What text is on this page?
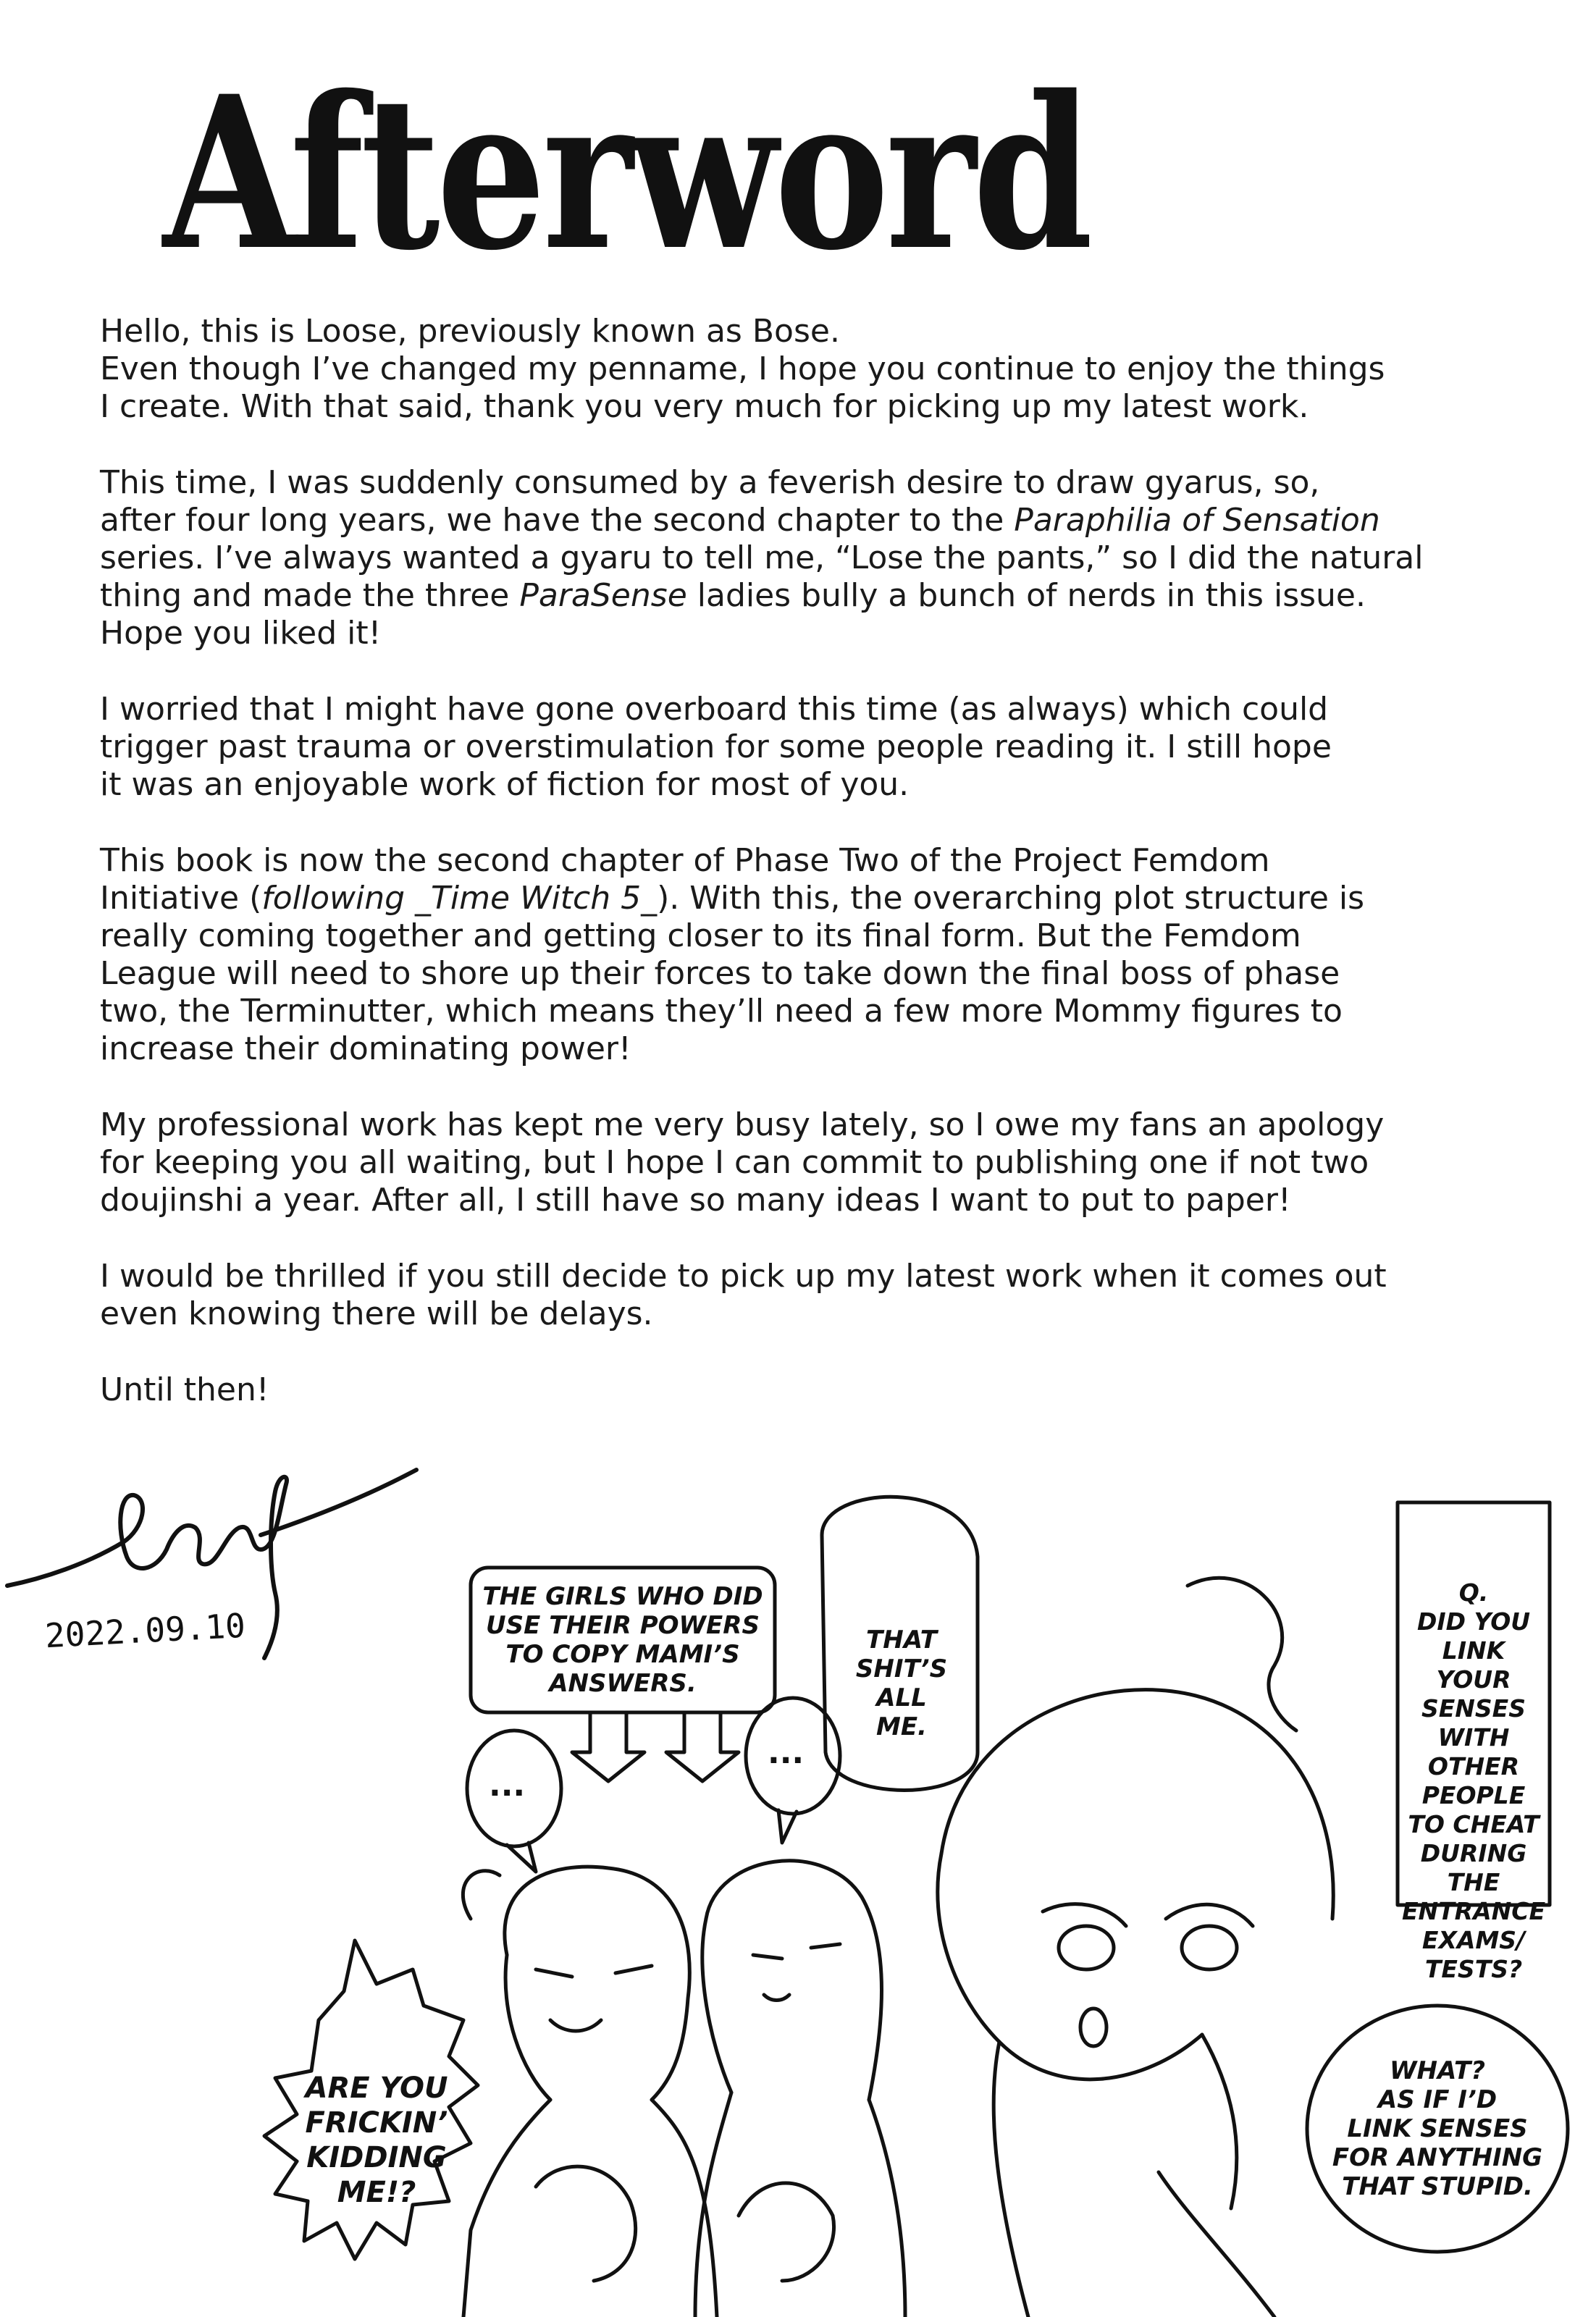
Afterword

Hello, this is Loose, previously known as Bose.
Even though I’ve changed my penname, I hope you continue to enjoy the things
I create. With that said, thank you very much for picking up my latest work.

This time, I was suddenly consumed by a feverish desire to draw gyarus, so,
after four long years, we have the second chapter to the Paraphilia of Sensation
series. I’ve always wanted a gyaru to tell me, “Lose the pants,” so I did the natural
thing and made the three ParaSense ladies bully a bunch of nerds in this issue.
Hope you liked it!

I worried that I might have gone overboard this time (as always) which could
trigger past trauma or overstimulation for some people reading it. I still hope
it was an enjoyable work of fiction for most of you.

This book is now the second chapter of Phase Two of the Project Femdom
Initiative (following _Time Witch 5_). With this, the overarching plot structure is
really coming together and getting closer to its final form. But the Femdom
League will need to shore up their forces to take down the final boss of phase
two, the Terminutter, which means they’ll need a few more Mommy figures to
increase their dominating power!

My professional work has kept me very busy lately, so I owe my fans an apology
for keeping you all waiting, but I hope I can commit to publishing one if not two
doujinshi a year. After all, I still have so many ideas I want to put to paper!

I would be thrilled if you still decide to pick up my latest work when it comes out
even knowing there will be delays.

Until then!

2022.09.10
THE GIRLS WHO DID
USE THEIR POWERS
TO COPY MAMI’S
ANSWERS.
THAT
SHIT’S ALL
ME.
Q.
DID YOU
LINK YOUR
SENSES
WITH OTHER
PEOPLE
TO CHEAT
DURING THE
ENTRANCE
EXAMS/
TESTS?
ARE YOU
FRICKIN’
KIDDING
ME!?
WHAT?
AS IF I’D
LINK SENSES
FOR ANYTHING
THAT STUPID.
...
...
